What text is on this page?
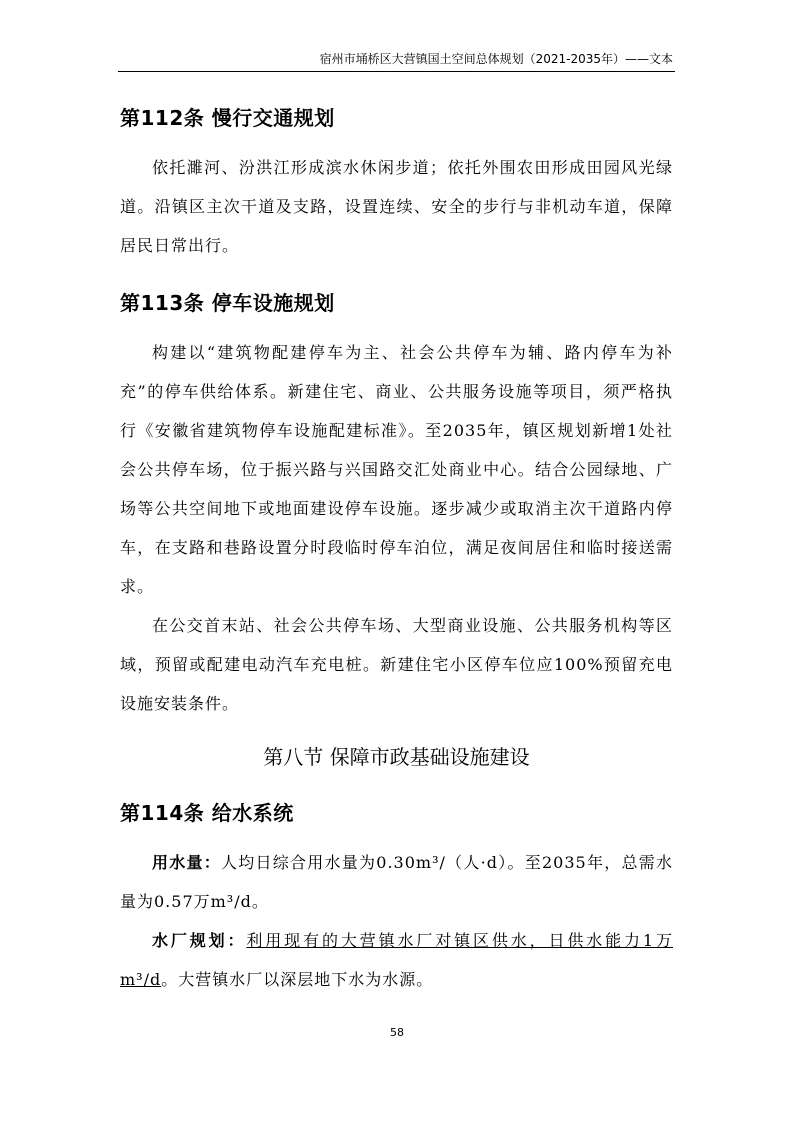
宿州市埇桥区大营镇国土空间总体规划（2021-2035年）——文本
第112条 慢行交通规划

依托濉河、汾洪江形成滨水休闲步道；依托外围农田形成田园风光绿道。沿镇区主次干道及支路，设置连续、安全的步行与非机动车道，保障居民日常出行。

第113条 停车设施规划

构建以“建筑物配建停车为主、社会公共停车为辅、路内停车为补充”的停车供给体系。新建住宅、商业、公共服务设施等项目，须严格执行《安徽省建筑物停车设施配建标准》。至2035年，镇区规划新增1处社会公共停车场，位于振兴路与兴国路交汇处商业中心。结合公园绿地、广场等公共空间地下或地面建设停车设施。逐步减少或取消主次干道路内停车，在支路和巷路设置分时段临时停车泊位，满足夜间居住和临时接送需求。

在公交首末站、社会公共停车场、大型商业设施、公共服务机构等区域，预留或配建电动汽车充电桩。新建住宅小区停车位应100%预留充电设施安装条件。

第八节 保障市政基础设施建设
第114条 给水系统

用水量：人均日综合用水量为0.30m³/（人·d）。至2035年，总需水量为0.57万m³/d。

水厂规划：利用现有的大营镇水厂对镇区供水，日供水能力1万m³/d。大营镇水厂以深层地下水为水源。

58
